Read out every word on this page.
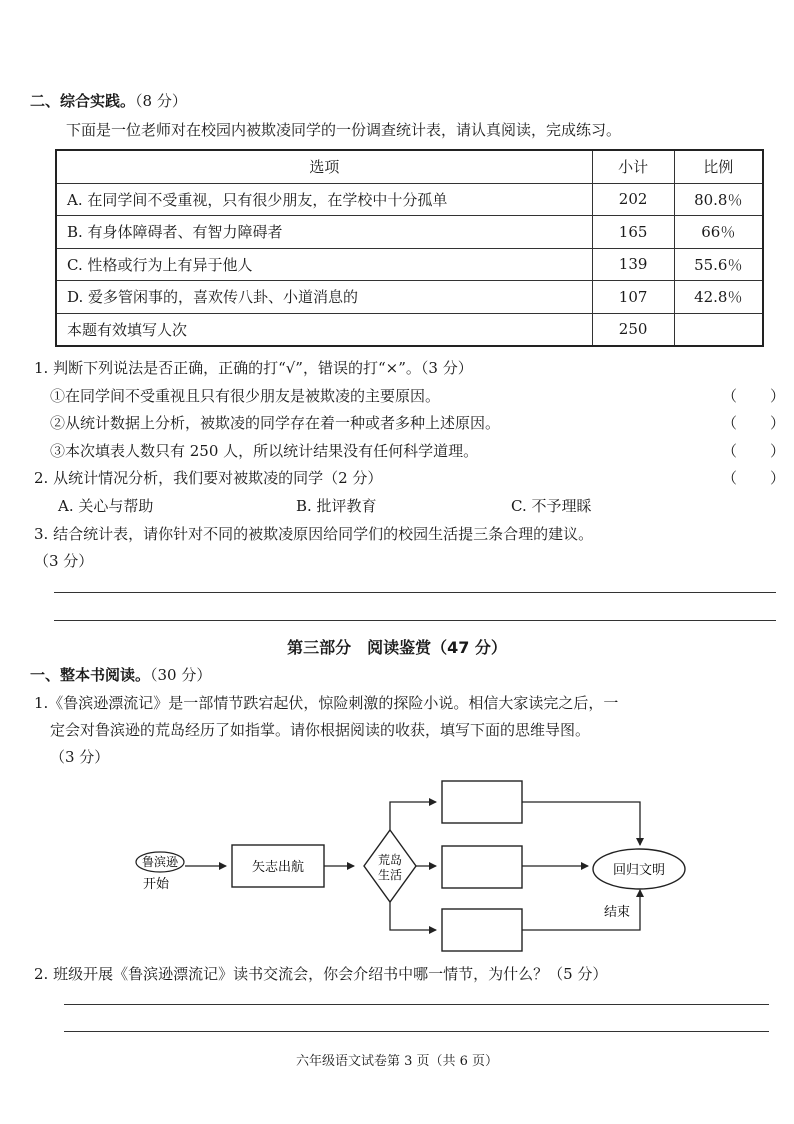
二、综合实践。（8 分）
下面是一位老师对在校园内被欺凌同学的一份调查统计表，请认真阅读，完成练习。
选项	小计	比例
A. 在同学间不受重视，只有很少朋友，在学校中十分孤单	202	80.8％
B. 有身体障碍者、有智力障碍者	165	66％
C. 性格或行为上有异于他人	139	55.6％
D. 爱多管闲事的，喜欢传八卦、小道消息的	107	42.8％
本题有效填写人次	250	
1. 判断下列说法是否正确，正确的打“√”，错误的打“×”。（3 分）
①在同学间不受重视且只有很少朋友是被欺凌的主要原因。	（ ）
②从统计数据上分析，被欺凌的同学存在着一种或者多种上述原因。	（ ）
③本次填表人数只有 250 人，所以统计结果没有任何科学道理。	（ ）
2. 从统计情况分析，我们要对被欺凌的同学（2 分）	（ ）
A. 关心与帮助	B. 批评教育	C. 不予理睬
3. 结合统计表，请你针对不同的被欺凌原因给同学们的校园生活提三条合理的建议。
（3 分）
第三部分　阅读鉴赏（47 分）
一、整本书阅读。（30 分）
1.《鲁滨逊漂流记》是一部情节跌宕起伏，惊险刺激的探险小说。相信大家读完之后，一
定会对鲁滨逊的荒岛经历了如指掌。请你根据阅读的收获，填写下面的思维导图。
（3 分）
鲁滨逊
开始
矢志出航	荒岛
生活	回归文明
结束
2. 班级开展《鲁滨逊漂流记》读书交流会，你会介绍书中哪一情节，为什么？（5 分）
六年级语文试卷第 3 页（共 6 页）
